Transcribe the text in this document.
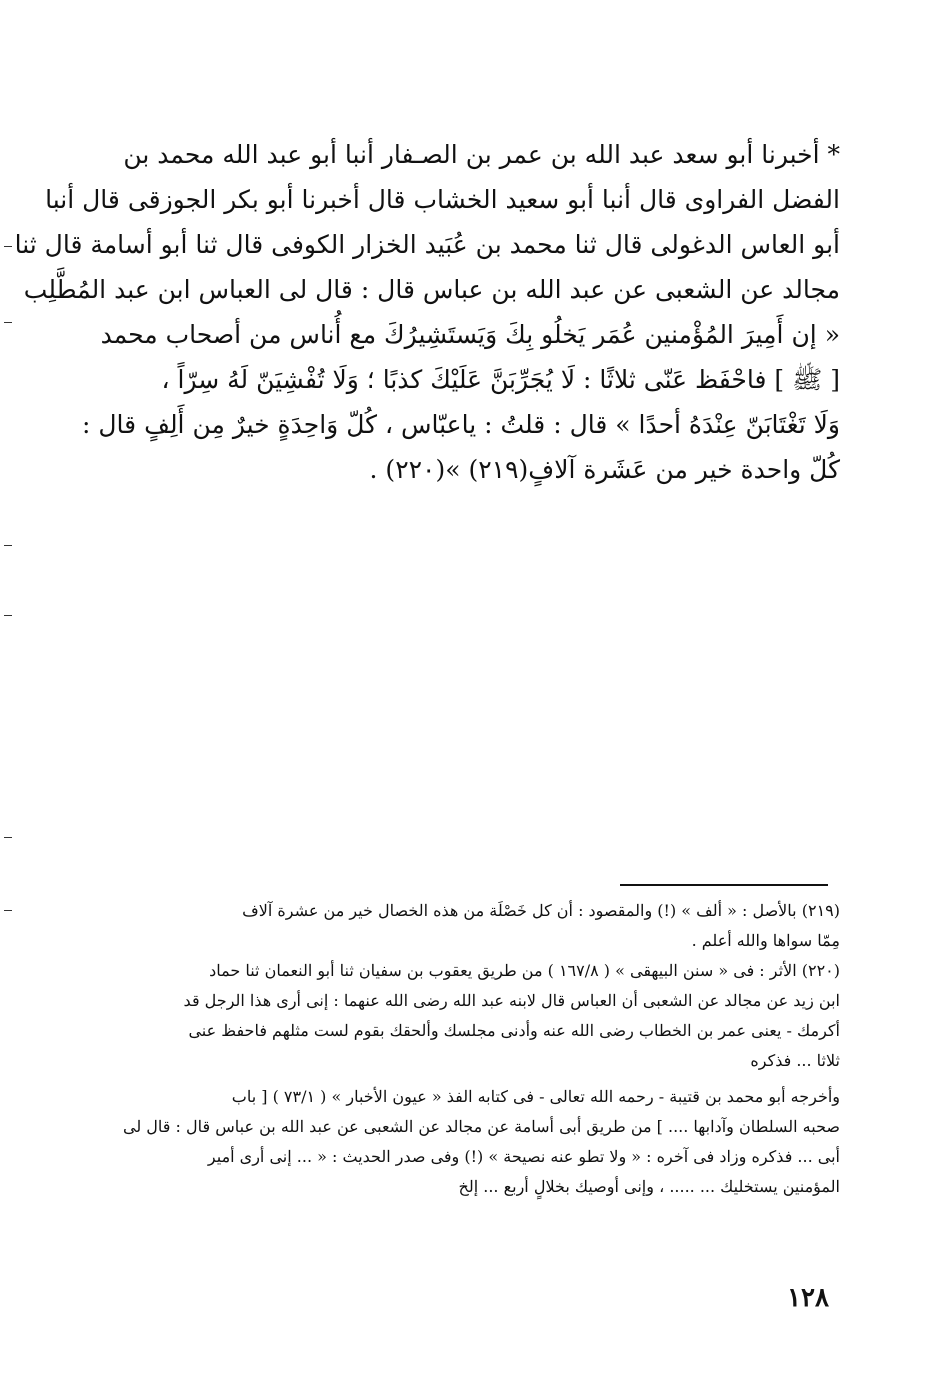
* أخبرنا أبو سعد عبد الله بن عمر بن الصـفار أنبا أبو عبد الله محمد بن
الفضل الفراوى قال أنبا أبو سعيد الخشاب قال أخبرنا أبو بكر الجوزقى قال أنبا
أبو العاس الدغولى قال ثنا محمد بن عُبَيد الخزار الكوفى قال ثنا أبو أسامة قال ثنا
مجالد عن الشعبى عن عبد الله بن عباس قال : قال لى العباس ابن عبد المُطَّلِب
« إن أَمِيرَ المُؤْمنين عُمَر يَخلُو بِكَ وَيَستَشِيرُكَ مع أُناس من أصحاب محمد
[ ﷺ ] فاحْفَظ عَنّى ثلاثًا : لَا يُجَرِّبَنَّ عَلَيْكَ كذبًا ؛ وَلَا تُفْشِيَنّ لَهُ سِرّاً ،
وَلَا تَغْتَابَنّ عِنْدَهُ أحدًا » قال : قلتُ : ياعبّاس ، كُلّ وَاحِدَةٍ خيرٌ مِن أَلِفٍ قال :
كُلّ واحدة خير من عَشَرة آلافٍ(٢١٩) »(٢٢٠) .
(٢١٩) بالأصل : « ألف » (!) والمقصود : أن كل خَصْلَة من هذه الخصال خير من عشرة آلاف
مِمّا سواها والله أعلم .
(٢٢٠) الأثر : فى « سنن البيهقى » ( ١٦٧/٨ ) من طريق يعقوب بن سفيان ثنا أبو النعمان ثنا حماد
ابن زيد عن مجالد عن الشعبى أن العباس قال لابنه عبد الله رضى الله عنهما : إنى أرى هذا الرجل قد
أكرمك - يعنى عمر بن الخطاب رضى الله عنه وأدنى مجلسك وألحقك بقوم لست مثلهم فاحفظ عنى
ثلاثا ... فذكره
وأخرجه أبو محمد بن قتيبة - رحمه الله تعالى - فى كتابه الفذ « عيون الأخبار » ( ٧٣/١ ) [ باب
صحبه السلطان وآدابها .... ] من طريق أبى أسامة عن مجالد عن الشعبى عن عبد الله بن عباس قال : قال لى
أبى ... فذكره وزاد فى آخره : « ولا تطو عنه نصيحة » (!) وفى صدر الحديث : « ... إنى أرى أمير
المؤمنين يستخليك ... ..... ، وإنى أوصيك بخلالٍ أربع ... إلخ
١٢٨
